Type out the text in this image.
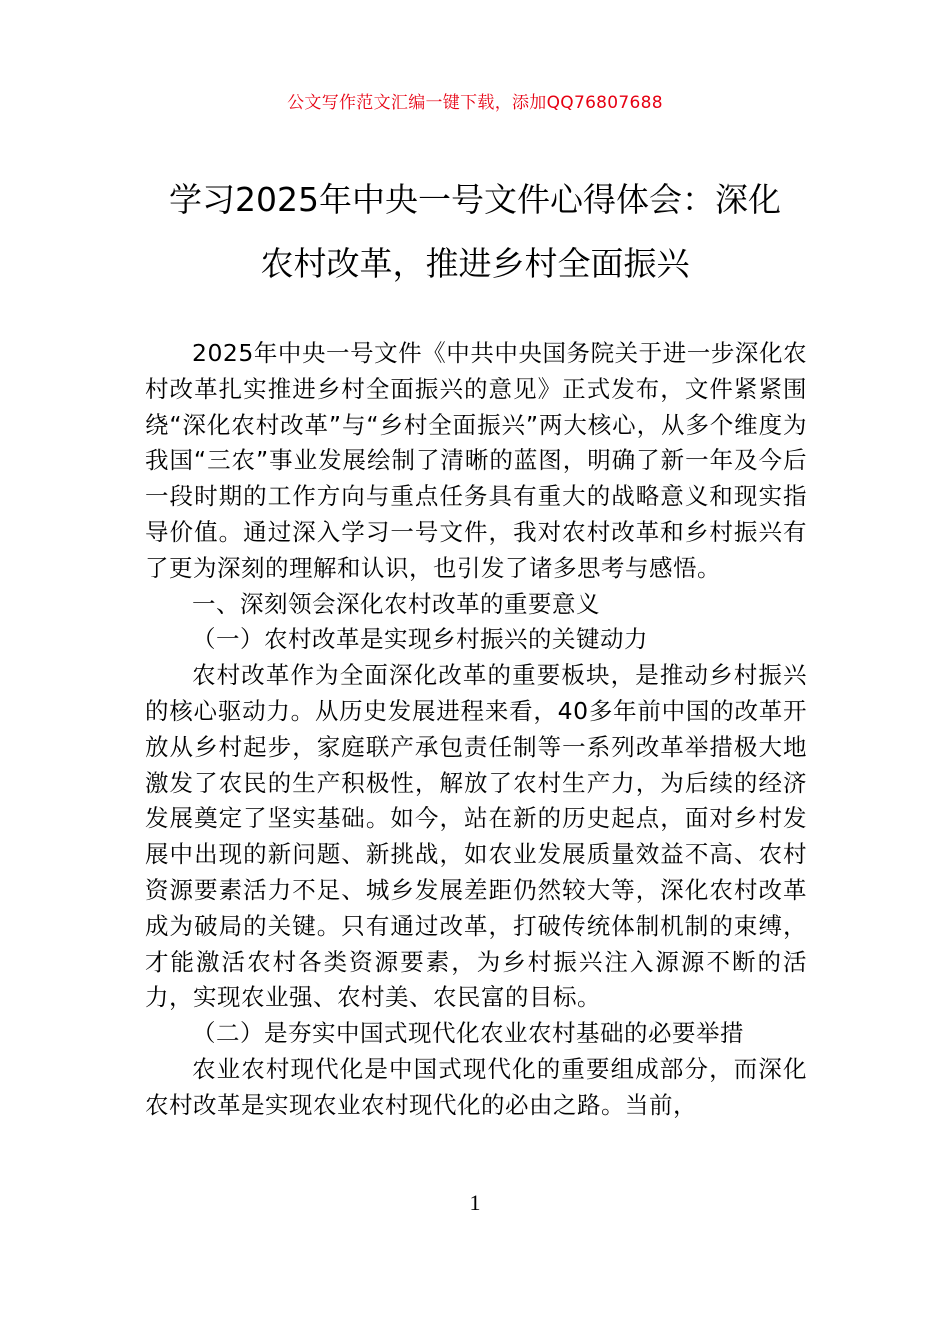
公文写作范文汇编一键下载，添加QQ76807688
学习2025年中央一号文件心得体会：深化
农村改革，推进乡村全面振兴

2025年中央一号文件《中共中央国务院关于进一步深化农村改革扎实推进乡村全面振兴的意见》正式发布，文件紧紧围绕“深化农村改革”与“乡村全面振兴”两大核心，从多个维度为我国“三农”事业发展绘制了清晰的蓝图，明确了新一年及今后一段时期的工作方向与重点任务具有重大的战略意义和现实指导价值。通过深入学习一号文件，我对农村改革和乡村振兴有了更为深刻的理解和认识，也引发了诸多思考与感悟。

一、深刻领会深化农村改革的重要意义

（一）农村改革是实现乡村振兴的关键动力

农村改革作为全面深化改革的重要板块，是推动乡村振兴的核心驱动力。从历史发展进程来看，40多年前中国的改革开放从乡村起步，家庭联产承包责任制等一系列改革举措极大地激发了农民的生产积极性，解放了农村生产力，为后续的经济发展奠定了坚实基础。如今，站在新的历史起点，面对乡村发展中出现的新问题、新挑战，如农业发展质量效益不高、农村资源要素活力不足、城乡发展差距仍然较大等，深化农村改革成为破局的关键。只有通过改革，打破传统体制机制的束缚，才能激活农村各类资源要素，为乡村振兴注入源源不断的活力，实现农业强、农村美、农民富的目标。

（二）是夯实中国式现代化农业农村基础的必要举措

农业农村现代化是中国式现代化的重要组成部分，而深化农村改革是实现农业农村现代化的必由之路。当前，

1
